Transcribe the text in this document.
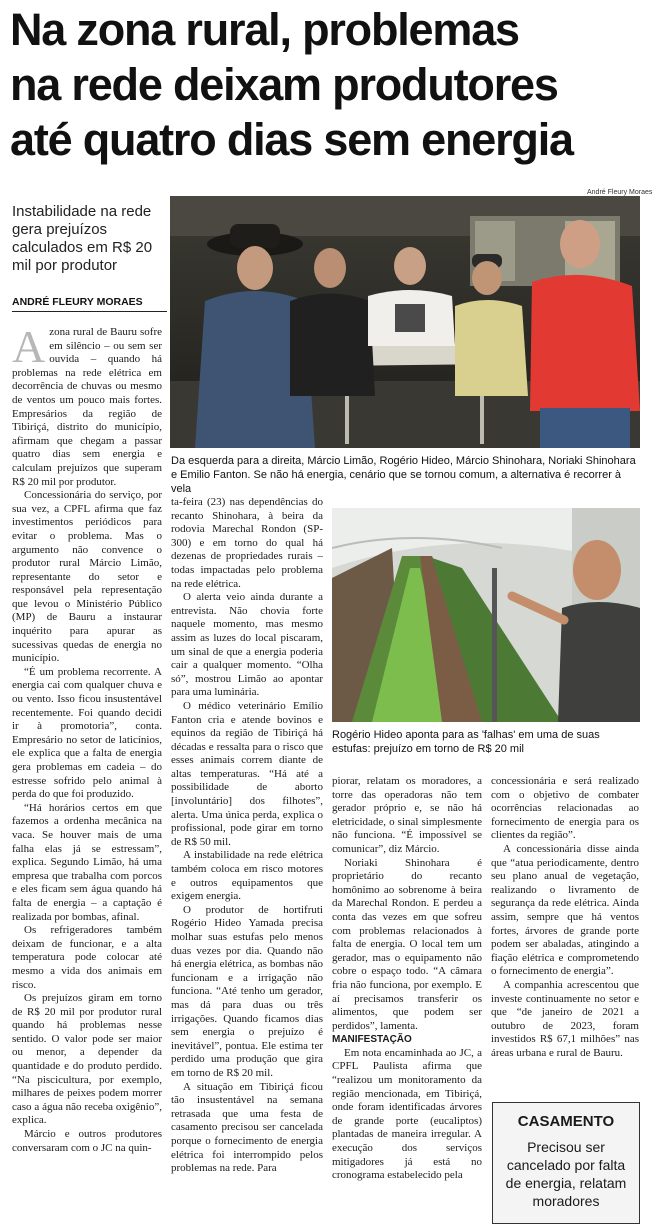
Na zona rural, problemas
na rede deixam produtores
até quatro dias sem energia
André Fleury Moraes

Instabilidade na rede gera prejuízos calculados em R$ 20 mil por produtor

ANDRÉ FLEURY MORAES
Da esquerda para a direita, Márcio Limão, Rogério Hideo, Márcio Shinohara, Noriaki Shinohara e Emilio Fanton. Se não há energia, cenário que se tornou comum, a alternativa é recorrer à vela
Rogério Hideo aponta para as 'falhas' em uma de suas estufas: prejuízo em torno de R$ 20 mil

Azona rural de Bauru sofre em silêncio – ou sem ser ouvida – quando há problemas na rede elétrica em decorrência de chuvas ou mesmo de ventos um pouco mais fortes. Empresários da região de Tibiriçá, distrito do município, afirmam que chegam a passar quatro dias sem energia e calculam prejuízos que superam R$ 20 mil por produtor.

Concessionária do serviço, por sua vez, a CPFL afirma que faz investimentos periódicos para evitar o problema. Mas o argumento não convence o produtor rural Márcio Limão, representante do setor e responsável pela representação que levou o Ministério Público (MP) de Bauru a instaurar inquérito para apurar as sucessivas quedas de energia no município.

“É um problema recorrente. A energia cai com qualquer chuva e ou vento. Isso ficou insustentável recentemente. Foi quando decidi ir à promotoria”, conta. Empresário no setor de laticínios, ele explica que a falta de energia gera problemas em cadeia – do estresse sofrido pelo animal à perda do que foi produzido.

“Há horários certos em que fazemos a ordenha mecânica na vaca. Se houver mais de uma falha elas já se estressam”, explica. Segundo Limão, há uma empresa que trabalha com porcos e eles ficam sem água quando há falta de energia – a captação é realizada por bombas, afinal.

Os refrigeradores também deixam de funcionar, e a alta temperatura pode colocar até mesmo a vida dos animais em risco.

Os prejuízos giram em torno de R$ 20 mil por produtor rural quando há problemas nesse sentido. O valor pode ser maior ou menor, a depender da quantidade e do produto perdido. “Na piscicultura, por exemplo, milhares de peixes podem morrer caso a água não receba oxigênio”, explica.

Márcio e outros produtores conversaram com o JC na quin-

ta-feira (23) nas dependências do recanto Shinohara, à beira da rodovia Marechal Rondon (SP-300) e em torno do qual há dezenas de propriedades rurais – todas impactadas pelo problema na rede elétrica.

O alerta veio ainda durante a entrevista. Não chovia forte naquele momento, mas mesmo assim as luzes do local piscaram, um sinal de que a energia poderia cair a qualquer momento. “Olha só”, mostrou Limão ao apontar para uma luminária.

O médico veterinário Emílio Fanton cria e atende bovinos e equinos da região de Tibiriçá há décadas e ressalta para o risco que esses animais correm diante de altas temperaturas. “Há até a possibilidade de aborto [involuntário] dos filhotes”, alerta. Uma única perda, explica o profissional, pode girar em torno de R$ 50 mil.

A instabilidade na rede elétrica também coloca em risco motores e outros equipamentos que exigem energia.

O produtor de hortifruti Rogério Hideo Yamada precisa molhar suas estufas pelo menos duas vezes por dia. Quando não há energia elétrica, as bombas não funcionam e a irrigação não funciona. “Até tenho um gerador, mas dá para duas ou três irrigações. Quando ficamos dias sem energia o prejuízo é inevitável”, pontua. Ele estima ter perdido uma produção que gira em torno de R$ 20 mil.

A situação em Tibiriçá ficou tão insustentável na semana retrasada que uma festa de casamento precisou ser cancelada porque o fornecimento de energia elétrica foi interrompido pelos problemas na rede. Para

piorar, relatam os moradores, a torre das operadoras não tem gerador próprio e, se não há eletricidade, o sinal simplesmente não funciona. “É impossível se comunicar”, diz Márcio.

Noriaki Shinohara é proprietário do recanto homônimo ao sobrenome à beira da Marechal Rondon. E perdeu a conta das vezes em que sofreu com problemas relacionados à falta de energia. O local tem um gerador, mas o equipamento não cobre o espaço todo. “A câmara fria não funciona, por exemplo. E aí precisamos transferir os alimentos, que podem ser perdidos”, lamenta.

MANIFESTAÇÃO

Em nota encaminhada ao JC, a CPFL Paulista afirma que “realizou um monitoramento da região mencionada, em Tibiriçá, onde foram identificadas árvores de grande porte (eucaliptos) plantadas de maneira irregular. A execução dos serviços mitigadores já está no cronograma estabelecido pela

concessionária e será realizado com o objetivo de combater ocorrências relacionadas ao fornecimento de energia para os clientes da região”.

A concessionária disse ainda que “atua periodicamente, dentro seu plano anual de vegetação, realizando o livramento de segurança da rede elétrica. Ainda assim, sempre que há ventos fortes, árvores de grande porte podem ser abaladas, atingindo a fiação elétrica e comprometendo o fornecimento de energia”.

A companhia acrescentou que investe continuamente no setor e que “de janeiro de 2021 a outubro de 2023, foram investidos R$ 67,1 milhões” nas áreas urbana e rural de Bauru.

CASAMENTO
Precisou ser cancelado por falta de energia, relatam moradores
